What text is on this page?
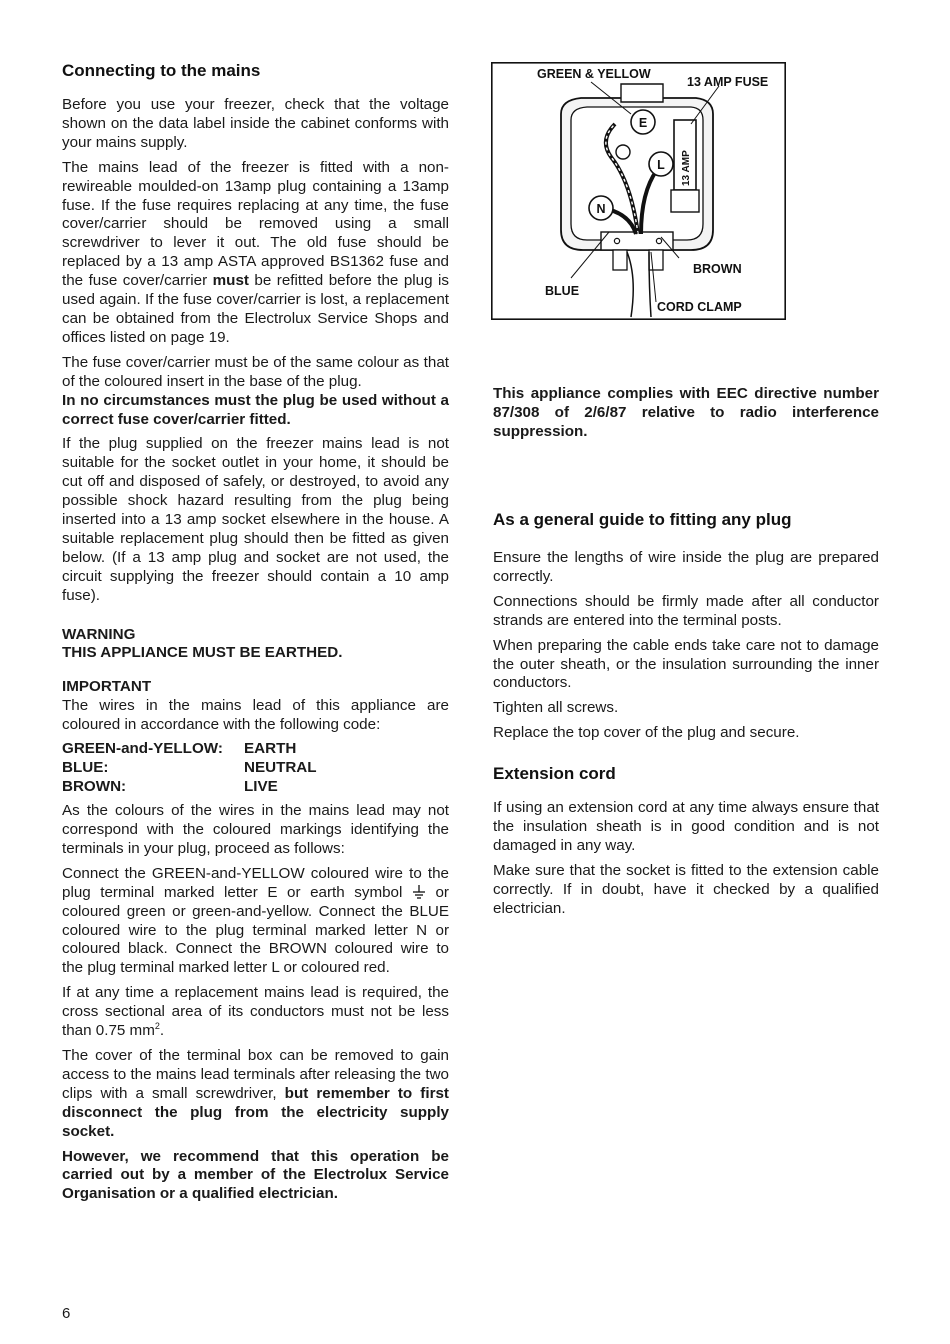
Connecting to the mains

Before you use your freezer, check that the voltage shown on the data label inside the cabinet conforms with your mains supply.

The mains lead of the freezer is fitted with a non-rewireable moulded-on 13amp plug containing a 13amp fuse. If the fuse requires replacing at any time, the fuse cover/carrier should be removed using a small screwdriver to lever it out. The old fuse should be replaced by a 13 amp ASTA approved BS1362 fuse and the fuse cover/carrier must be refitted before the plug is used again. If the fuse cover/carrier is lost, a replacement can be obtained from the Electrolux Service Shops and offices listed on page 19.

The fuse cover/carrier must be of the same colour as that of the coloured insert in the base of the plug.
In no circumstances must the plug be used without a correct fuse cover/carrier fitted.

If the plug supplied on the freezer mains lead is not suitable for the socket outlet in your home, it should be cut off and disposed of safely, or destroyed, to avoid any possible shock hazard resulting from the plug being inserted into a 13 amp socket elsewhere in the house. A suitable replacement plug should then be fitted as given below. (If a 13 amp plug and socket are not used, the circuit supplying the freezer should contain a 10 amp fuse).

WARNING

THIS APPLIANCE MUST BE EARTHED.

IMPORTANT

The wires in the mains lead of this appliance are coloured in accordance with the following code:

GREEN-and-YELLOW:	EARTH
BLUE:	NEUTRAL
BROWN:	LIVE

As the colours of the wires in the mains lead may not correspond with the coloured markings identifying the terminals in your plug, proceed as follows:

Connect the GREEN-and-YELLOW coloured wire to the plug terminal marked letter E or earth symbol  or coloured green or green-and-yellow. Connect the BLUE coloured wire to the plug terminal marked letter N or coloured black. Connect the BROWN coloured wire to the plug terminal marked letter L or coloured red.

If at any time a replacement mains lead is required, the cross sectional area of its conductors must not be less than 0.75 $mm^2$.

The cover of the terminal box can be removed to gain access to the mains lead terminals after releasing the two clips with a small screwdriver, but remember to first disconnect the plug from the electricity supply socket.

However, we recommend that this operation be carried out by a member of the Electrolux Service Organisation or a qualified electrician.

E
L
N
13 AMP
GREEN & YELLOW
13 AMP FUSE
BROWN
BLUE
CORD CLAMP

This appliance complies with EEC directive number 87/308 of 2/6/87 relative to radio interference suppression.

As a general guide to fitting any plug

Ensure the lengths of wire inside the plug are prepared correctly.

Connections should be firmly made after all conductor strands are entered into the terminal posts.

When preparing the cable ends take care not to damage the outer sheath, or the insulation surrounding the inner conductors.

Tighten all screws.

Replace the top cover of the plug and secure.

Extension cord

If using an extension cord at any time always ensure that the insulation sheath is in good condition and is not damaged in any way.

Make sure that the socket is fitted to the extension cable correctly. If in doubt, have it checked by a qualified electrician.

6
